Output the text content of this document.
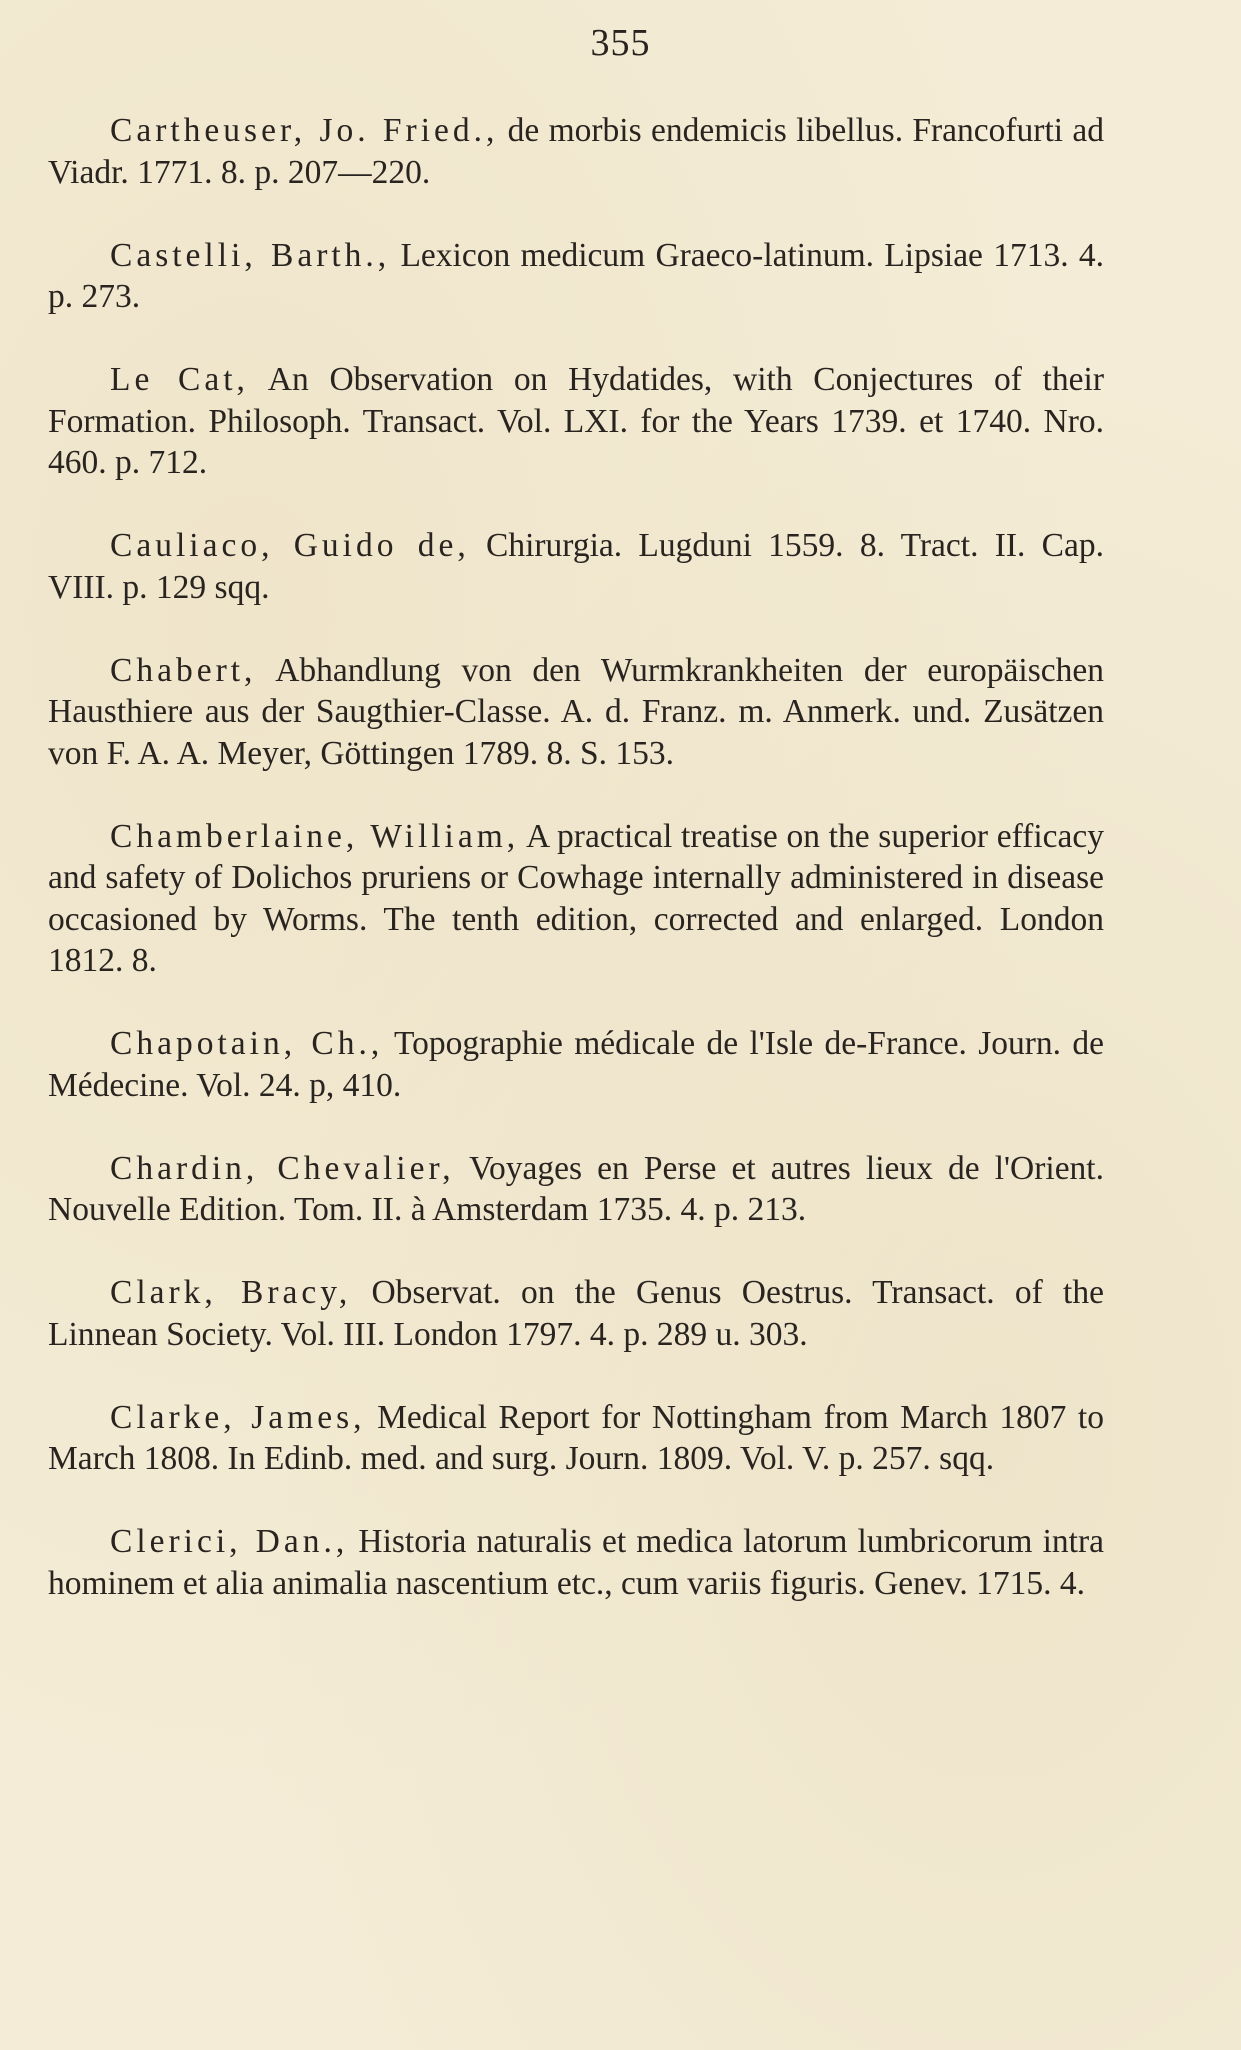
355

Cartheuser, Jo. Fried., de morbis endemicis libellus. Francofurti ad Viadr. 1771. 8. p. 207—220.

Castelli, Barth., Lexicon medicum Graeco-latinum. Lipsiae 1713. 4. p. 273.

Le Cat, An Observation on Hydatides, with Conjectures of their Formation. Philosoph. Transact. Vol. LXI. for the Years 1739. et 1740. Nro. 460. p. 712.

Cauliaco, Guido de, Chirurgia. Lugduni 1559. 8. Tract. II. Cap. VIII. p. 129 sqq.

Chabert, Abhandlung von den Wurmkrankheiten der europäischen Hausthiere aus der Saugthier-Classe. A. d. Franz. m. Anmerk. und. Zusätzen von F. A. A. Meyer, Göttingen 1789. 8. S. 153.

Chamberlaine, William, A practical treatise on the superior efficacy and safety of Dolichos pruriens or Cowhage internally administered in disease occasioned by Worms. The tenth edition, corrected and enlarged. London 1812. 8.

Chapotain, Ch., Topographie médicale de l'Isle de-France. Journ. de Médecine. Vol. 24. p, 410.

Chardin, Chevalier, Voyages en Perse et autres lieux de l'Orient. Nouvelle Edition. Tom. II. à Amsterdam 1735. 4. p. 213.

Clark, Bracy, Observat. on the Genus Oestrus. Transact. of the Linnean Society. Vol. III. London 1797. 4. p. 289 u. 303.

Clarke, James, Medical Report for Nottingham from March 1807 to March 1808. In Edinb. med. and surg. Journ. 1809. Vol. V. p. 257. sqq.

Clerici, Dan., Historia naturalis et medica latorum lumbricorum intra hominem et alia animalia nascentium etc., cum variis figuris. Genev. 1715. 4.
